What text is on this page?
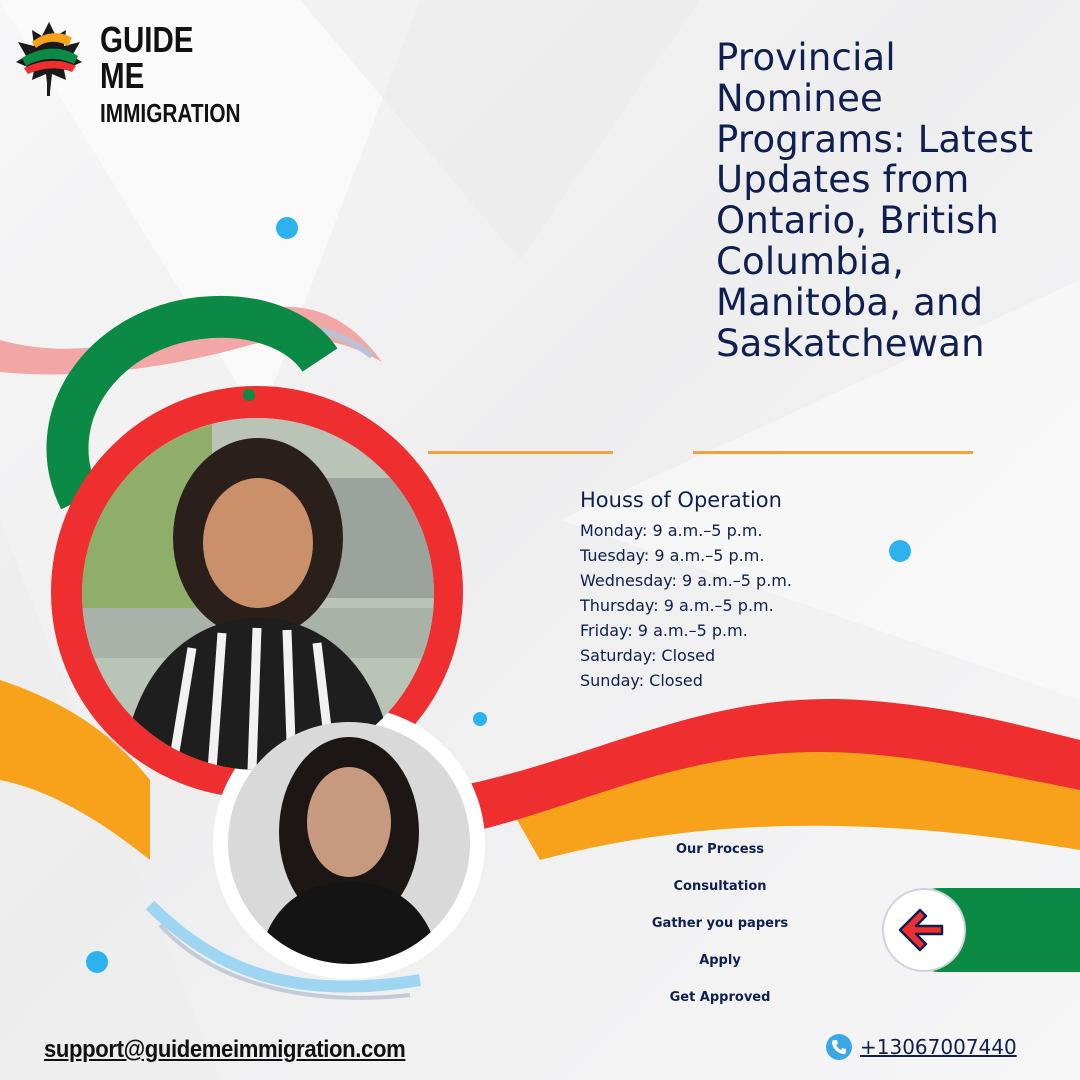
GUIDE ME
IMMIGRATION
Provincial Nominee Programs: Latest Updates from Ontario, British Columbia, Manitoba, and Saskatchewan
Houss of Operation
Monday: 9 a.m.–5 p.m.
Tuesday: 9 a.m.–5 p.m.
Wednesday: 9 a.m.–5 p.m.
Thursday: 9 a.m.–5 p.m.
Friday: 9 a.m.–5 p.m.
Saturday: Closed
Sunday: Closed
Our Process
Consultation
Gather you papers
Apply
Get Approved
support@guidemeimmigration.com	+13067007440
